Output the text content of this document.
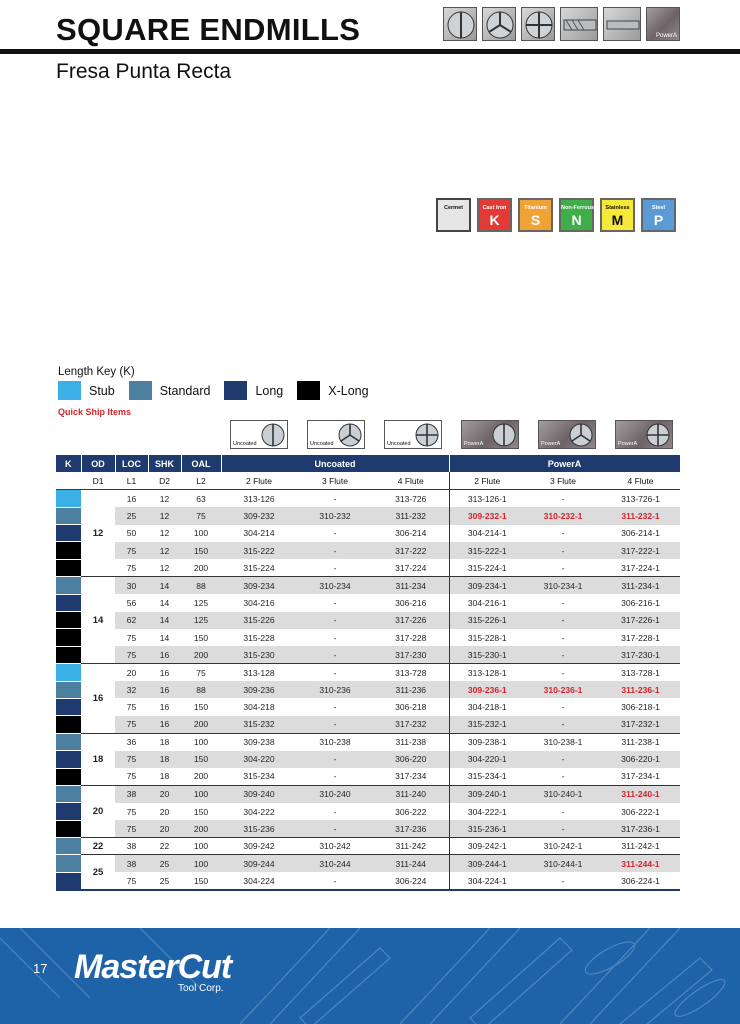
SQUARE ENDMILLS
Fresa Punta Recta
PowerA
Cermet	Cast Iron
K
Titanium
S
Non-Ferrous
N
Stainless
M
Steel
P
Length Key (K)
Stub	Standard	Long	X-Long
Quick Ship Items
Uncoated	Uncoated	Uncoated	PowerA	PowerA	PowerA
K	OD	LOC	SHK	OAL	Uncoated			PowerA		
	D1	L1	D2	L2	2 Flute	3 Flute	4 Flute	2 Flute	3 Flute	4 Flute
	12	16	12	63	313-126	-	313-726	313-126-1	-	313-726-1
		25	12	75	309-232	310-232	311-232	309-232-1	310-232-1	311-232-1
		50	12	100	304-214	-	306-214	304-214-1	-	306-214-1
		75	12	150	315-222	-	317-222	315-222-1	-	317-222-1
		75	12	200	315-224	-	317-224	315-224-1	-	317-224-1
	14	30	14	88	309-234	310-234	311-234	309-234-1	310-234-1	311-234-1
		56	14	125	304-216	-	306-216	304-216-1	-	306-216-1
		62	14	125	315-226	-	317-226	315-226-1	-	317-226-1
		75	14	150	315-228	-	317-228	315-228-1	-	317-228-1
		75	16	200	315-230	-	317-230	315-230-1	-	317-230-1
	16	20	16	75	313-128	-	313-728	313-128-1	-	313-728-1
		32	16	88	309-236	310-236	311-236	309-236-1	310-236-1	311-236-1
		75	16	150	304-218	-	306-218	304-218-1	-	306-218-1
		75	16	200	315-232	-	317-232	315-232-1	-	317-232-1
	18	36	18	100	309-238	310-238	311-238	309-238-1	310-238-1	311-238-1
		75	18	150	304-220	-	306-220	304-220-1	-	306-220-1
		75	18	200	315-234	-	317-234	315-234-1	-	317-234-1
	20	38	20	100	309-240	310-240	311-240	309-240-1	310-240-1	311-240-1
		75	20	150	304-222	-	306-222	304-222-1	-	306-222-1
		75	20	200	315-236	-	317-236	315-236-1	-	317-236-1
	22	38	22	100	309-242	310-242	311-242	309-242-1	310-242-1	311-242-1
	25	38	25	100	309-244	310-244	311-244	309-244-1	310-244-1	311-244-1
		75	25	150	304-224	-	306-224	304-224-1	-	306-224-1
17 MasterCut
Tool Corp.
